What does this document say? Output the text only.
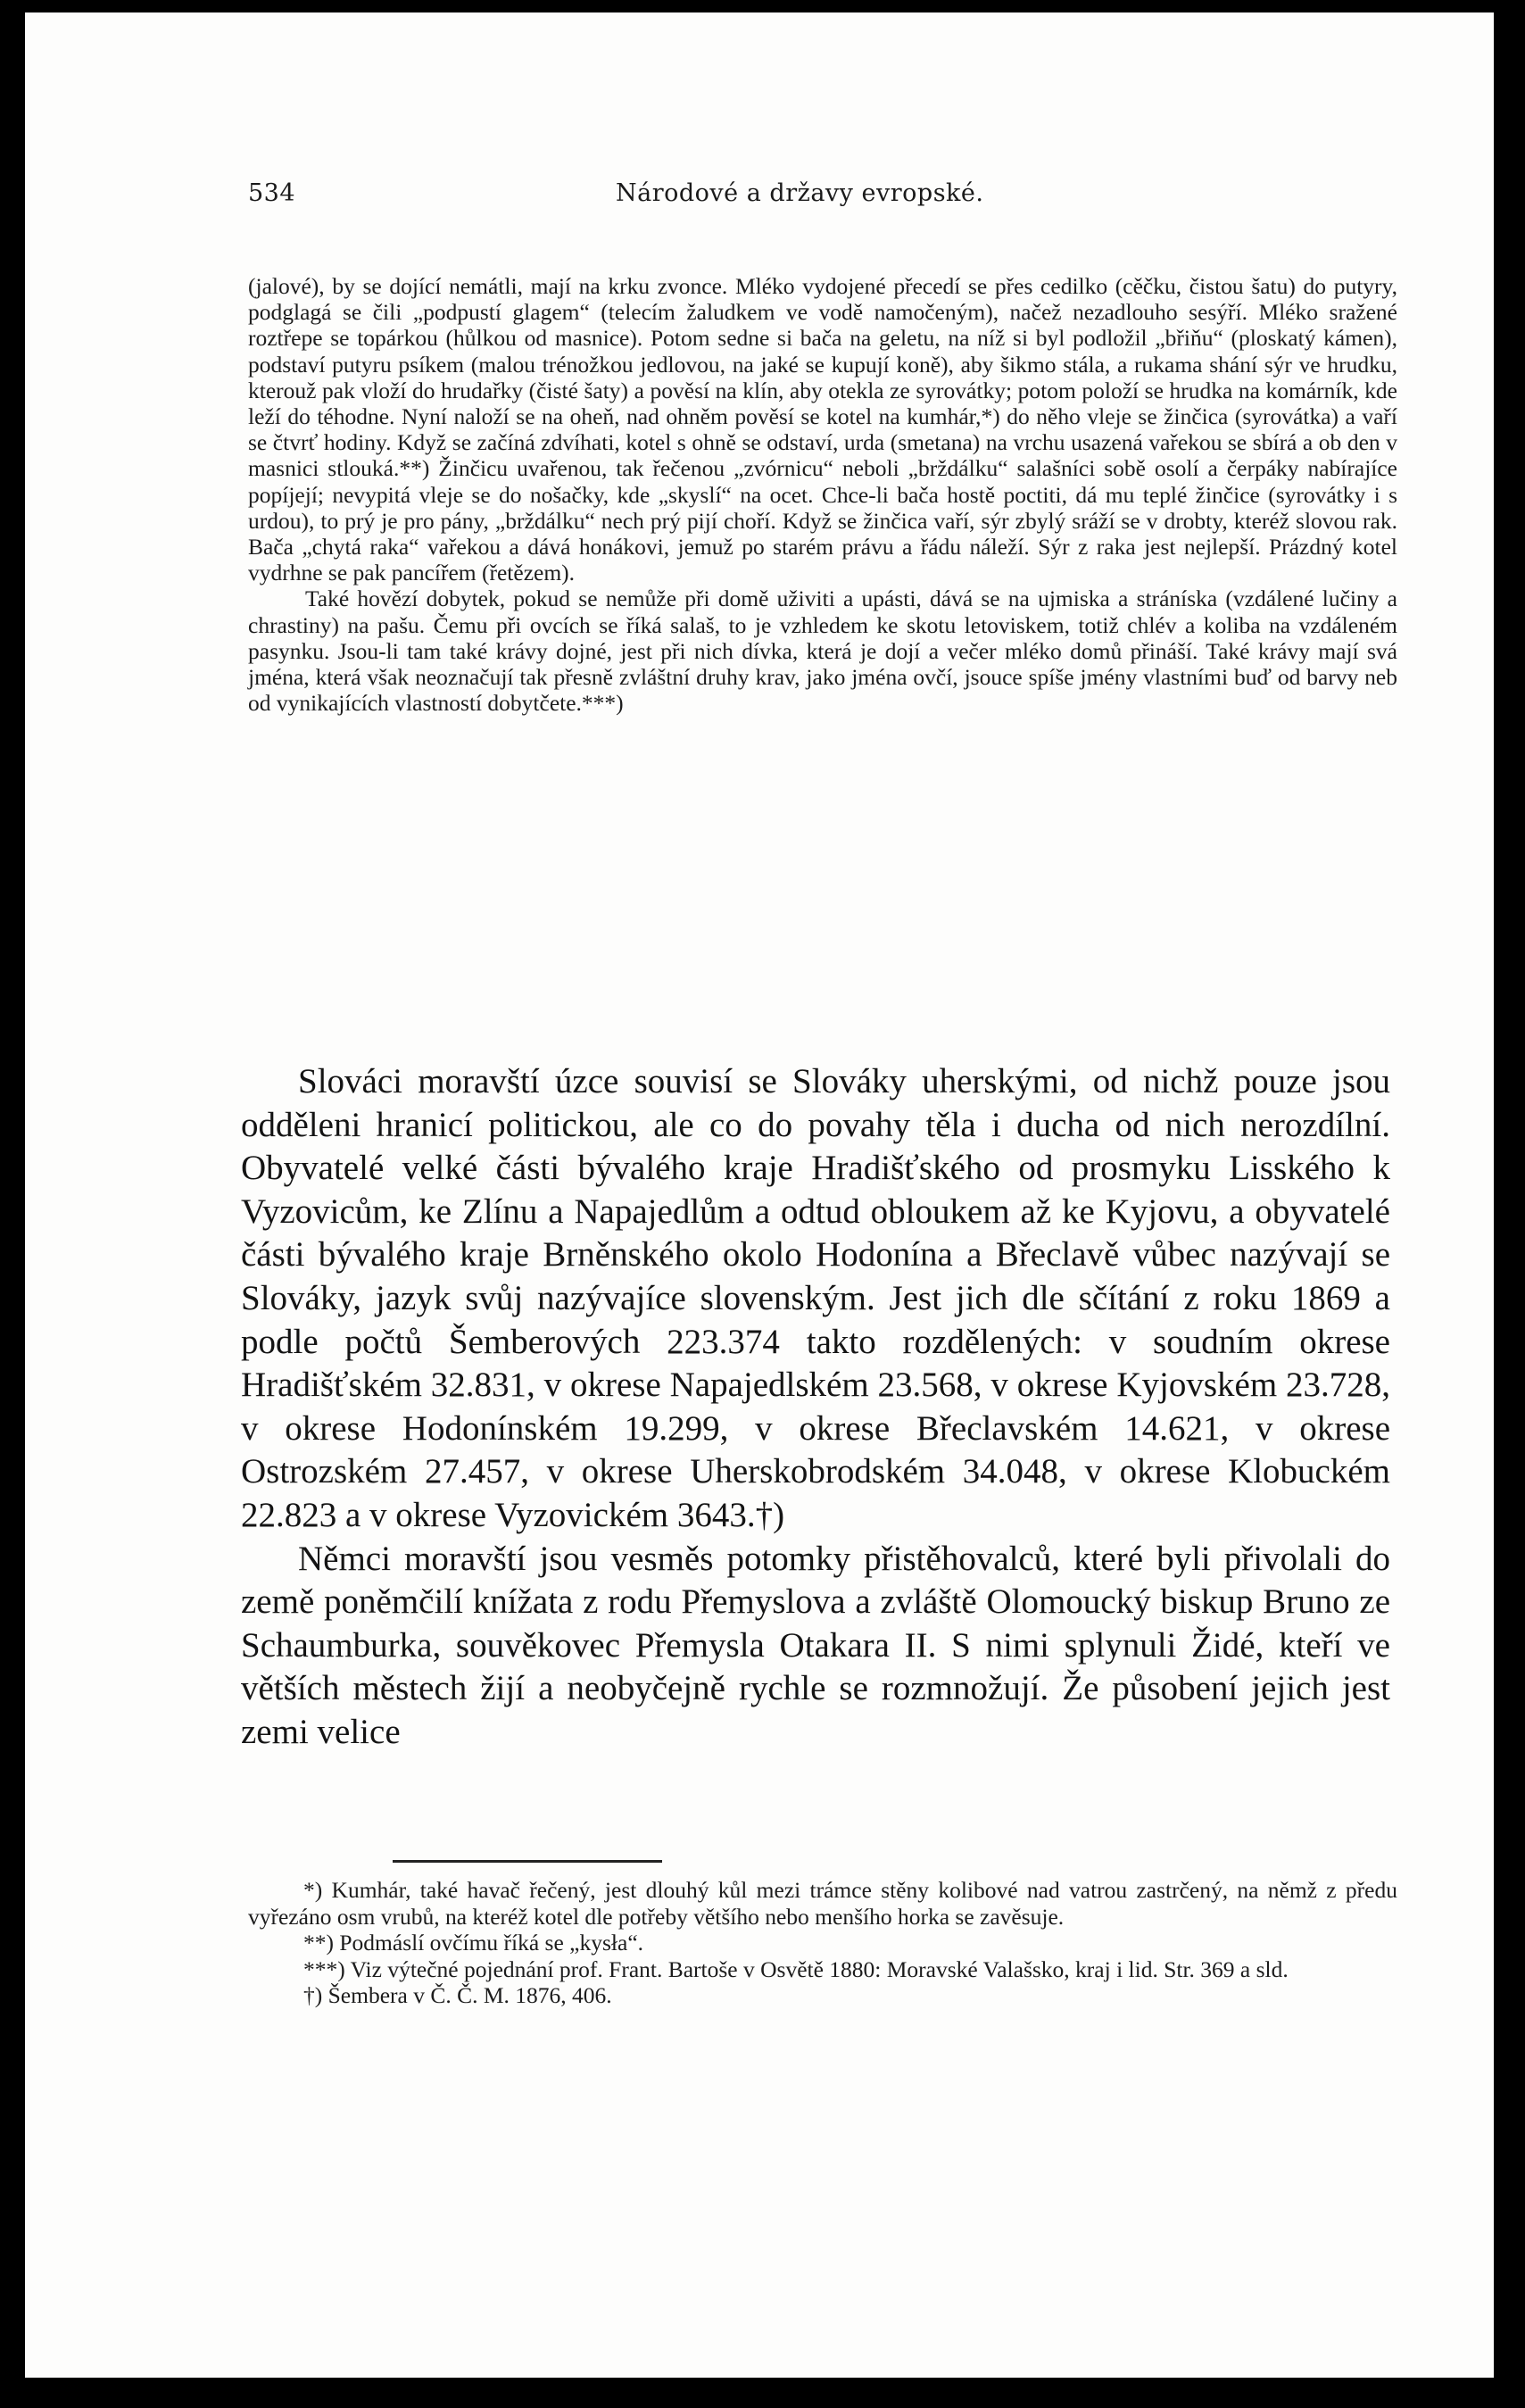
534	Národové a državy evropské.

(jalové), by se dojící nemátli, mají na krku zvonce. Mléko vydojené přecedí se přes cedilko (cěčku, čistou šatu) do putyry, podglagá se čili „podpustí glagem“ (telecím žaludkem ve vodě namočeným), načež nezadlouho sesýří. Mléko sražené roztřepe se topárkou (hůlkou od masnice). Potom sedne si bača na geletu, na níž si byl podložil „břiňu“ (ploskatý kámen), podstaví putyru psíkem (malou trénožkou jedlovou, na jaké se kupují koně), aby šikmo stála, a rukama shání sýr ve hrudku, kterouž pak vloží do hrudařky (čisté šaty) a pověsí na klín, aby otekla ze syrovátky; potom položí se hrudka na komárník, kde leží do téhodne. Nyní naloží se na oheň, nad ohněm pověsí se kotel na kumhár,*) do něho vleje se žinčica (syrovátka) a vaří se čtvrť hodiny. Když se začíná zdvíhati, kotel s ohně se odstaví, urda (smetana) na vrchu usazená vařekou se sbírá a ob den v masnici stlouká.**) Žinčicu uvařenou, tak řečenou „zvórnicu“ neboli „brždálku“ salašníci sobě osolí a čerpáky nabírajíce popíjejí; nevypitá vleje se do nošačky, kde „skyslí“ na ocet. Chce-li bača hostě poctiti, dá mu teplé žinčice (syrovátky i s urdou), to prý je pro pány, „brždálku“ nech prý pijí choří. Když se žinčica vaří, sýr zbylý sráží se v drobty, kteréž slovou rak. Bača „chytá raka“ vařekou a dává honákovi, jemuž po starém právu a řádu náleží. Sýr z raka jest nejlepší. Prázdný kotel vydrhne se pak pancířem (řetězem).

Také hovězí dobytek, pokud se nemůže při domě uživiti a upásti, dává se na ujmiska a stráníska (vzdálené lučiny a chrastiny) na pašu. Čemu při ovcích se říká salaš, to je vzhledem ke skotu letoviskem, totiž chlév a koliba na vzdáleném pasynku. Jsou-li tam také krávy dojné, jest při nich dívka, která je dojí a večer mléko domů přináší. Také krávy mají svá jména, která však neoznačují tak přesně zvláštní druhy krav, jako jména ovčí, jsouce spíše jmény vlastními buď od barvy neb od vynikajících vlastností dobytčete.***)

Slováci moravští úzce souvisí se Slováky uherskými, od nichž pouze jsou odděleni hranicí politickou, ale co do povahy těla i ducha od nich nerozdílní. Obyvatelé velké části bývalého kraje Hradišťského od prosmyku Lisského k Vyzovicům, ke Zlínu a Napajedlům a odtud obloukem až ke Kyjovu, a obyvatelé části bývalého kraje Brněnského okolo Hodonína a Břeclavě vůbec nazývají se Slováky, jazyk svůj nazývajíce slovenským. Jest jich dle sčítání z roku 1869 a podle počtů Šemberových 223.374 takto rozdělených: v soudním okrese Hradišťském 32.831, v okrese Napajedlském 23.568, v okrese Kyjovském 23.728, v okrese Hodonínském 19.299, v okrese Břeclavském 14.621, v okrese Ostrozském 27.457, v okrese Uherskobrodském 34.048, v okrese Klobuckém 22.823 a v okrese Vyzovickém 3643.†)

Němci moravští jsou vesměs potomky přistěhovalců, které byli přivolali do země poněmčilí knížata z rodu Přemyslova a zvláště Olomoucký biskup Bruno ze Schaumburka, souvěkovec Přemysla Otakara II. S nimi splynuli Židé, kteří ve větších městech žijí a neobyčejně rychle se rozmnožují. Že působení jejich jest zemi velice

*) Kumhár, také havač řečený, jest dlouhý kůl mezi trámce stěny kolibové nad vatrou zastrčený, na němž z předu vyřezáno osm vrubů, na kteréž kotel dle potřeby většího nebo menšího horka se zavěsuje.

**) Podmáslí ovčímu říká se „kysła“.

***) Viz výtečné pojednání prof. Frant. Bartoše v Osvětě 1880: Moravské Valašsko, kraj i lid. Str. 369 a sld.

†) Šembera v Č. Č. M. 1876, 406.
